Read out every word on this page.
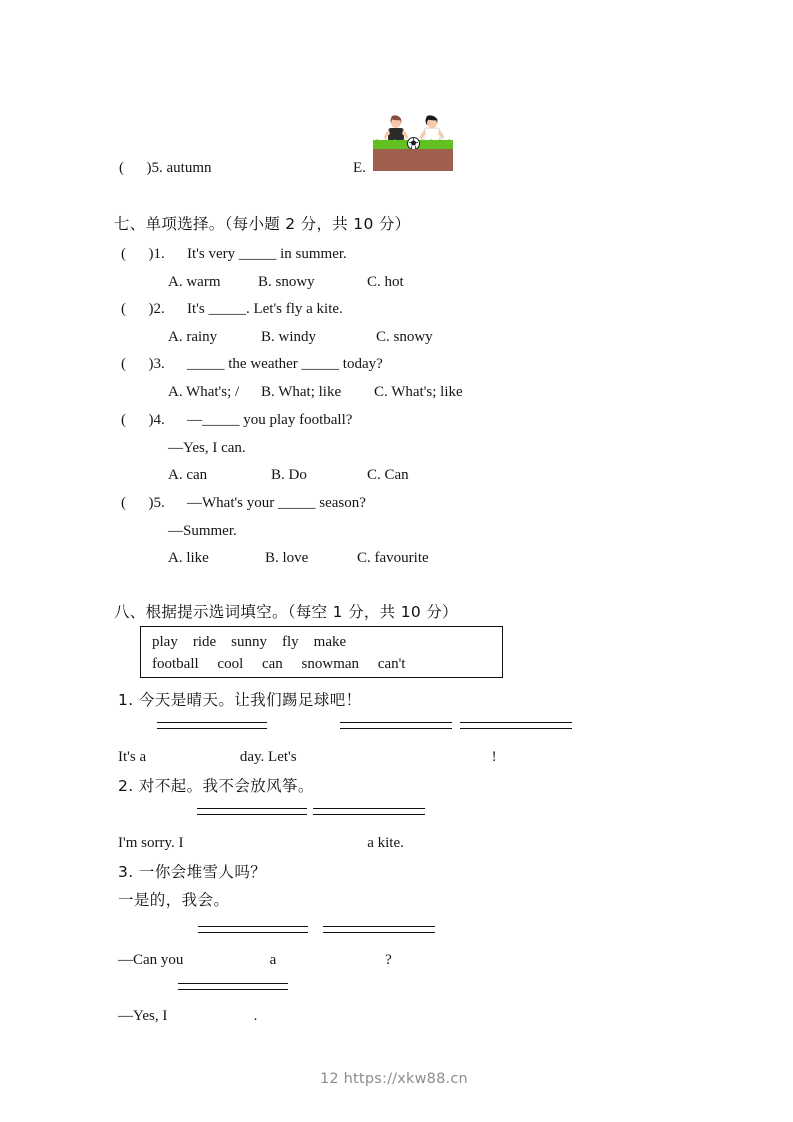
(      )5. autumn	E.
七、单项选择。（每小题 2 分，共 10 分）
(      )1. It's very _____ in summer.
A. warm	B. snowy	C. hot
(      )2. It's _____. Let's fly a kite.
A. rainy	B. windy	C. snowy
(      )3. _____ the weather _____ today?
A. What's; / B. What; like C. What's; like
(      )4. —_____ you play football?
—Yes, I can.
A. can	B. Do	C. Can
(      )5. —What's your _____ season?
—Summer.
A. like	B. love	C. favourite
八、根据提示选词填空。（每空 1 分，共 10 分）
play    ride    sunny    fly    make
football     cool     can     snowman     can't
1. 今天是晴天。让我们踢足球吧！
It's a                         day. Let's                                                    !
2. 对不起。我不会放风筝。
I'm sorry. I                                                 a kite.
3. 一你会堆雪人吗？
一是的，我会。
—Can you                       a                             ?
—Yes, I                       .
12 https://xkw88.cn
